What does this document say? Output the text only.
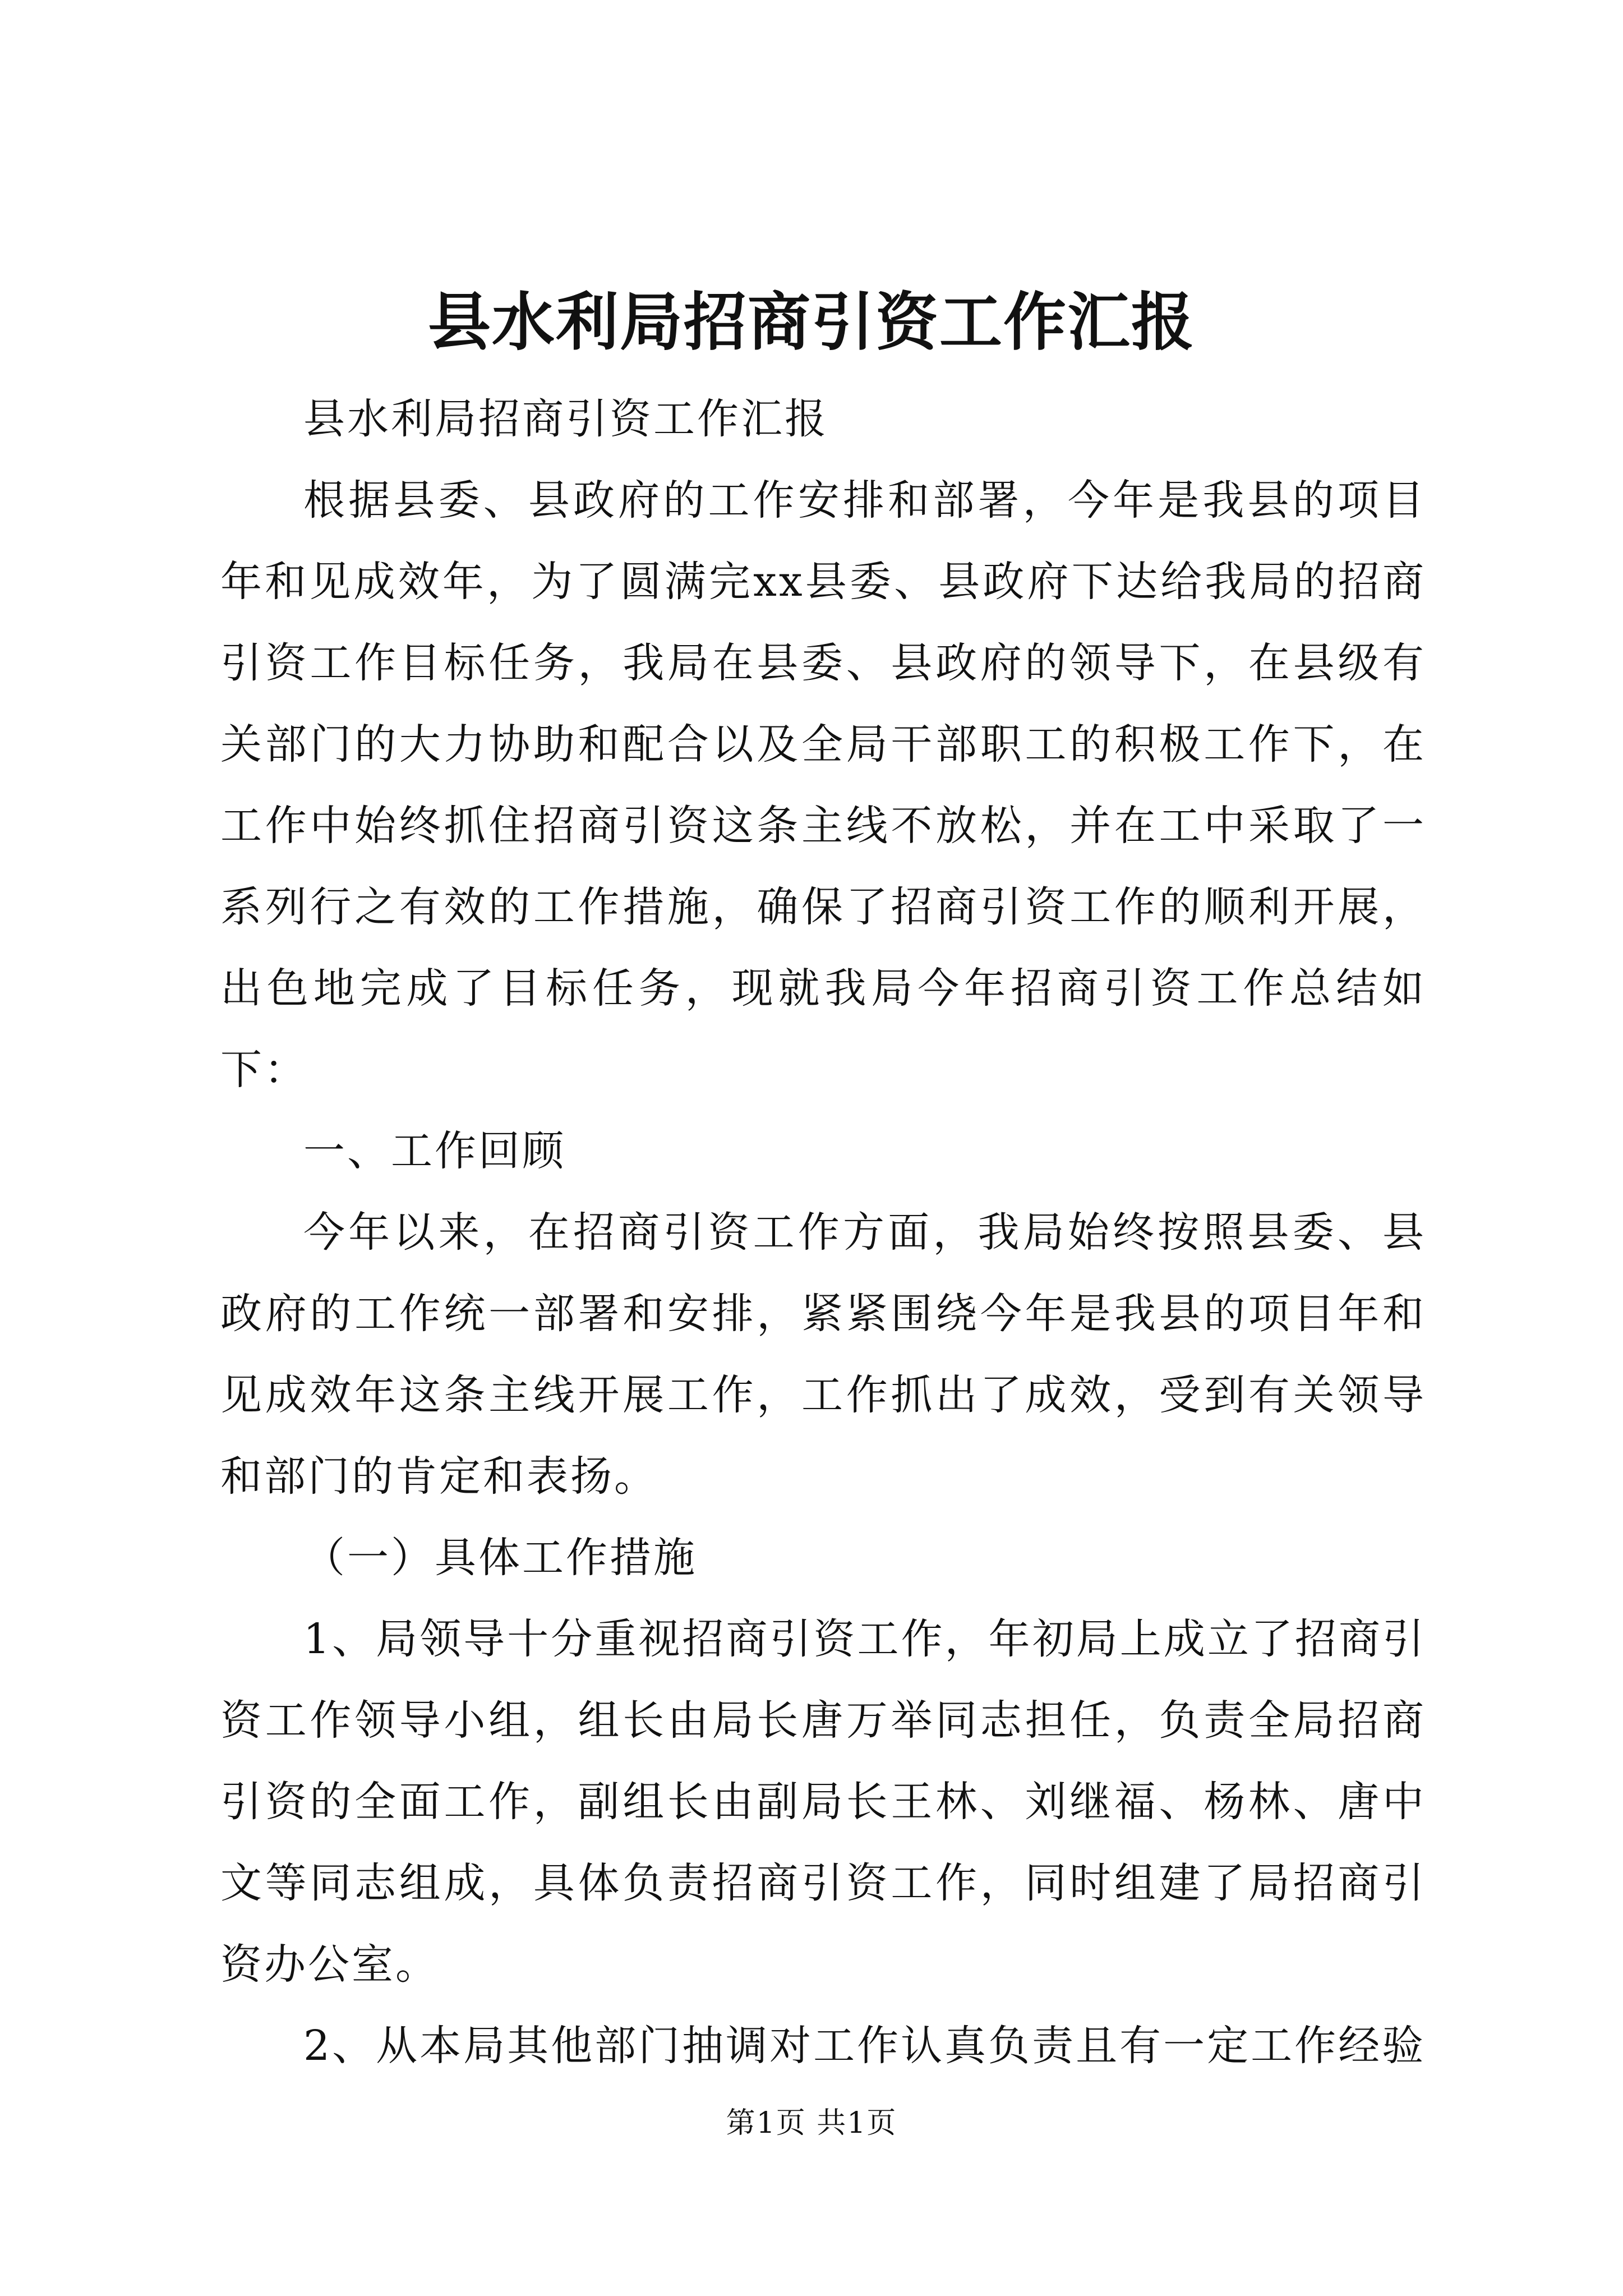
县水利局招商引资工作汇报

县水利局招商引资工作汇报

根据县委、县政府的工作安排和部署，今年是我县的项目年和见成效年，为了圆满完xx县委、县政府下达给我局的招商引资工作目标任务，我局在县委、县政府的领导下，在县级有关部门的大力协助和配合以及全局干部职工的积极工作下，在工作中始终抓住招商引资这条主线不放松，并在工中采取了一系列行之有效的工作措施，确保了招商引资工作的顺利开展，出色地完成了目标任务，现就我局今年招商引资工作总结如下：

一、工作回顾

今年以来，在招商引资工作方面，我局始终按照县委、县政府的工作统一部署和安排，紧紧围绕今年是我县的项目年和见成效年这条主线开展工作，工作抓出了成效，受到有关领导和部门的肯定和表扬。

（一）具体工作措施

1、局领导十分重视招商引资工作，年初局上成立了招商引资工作领导小组，组长由局长唐万举同志担任，负责全局招商引资的全面工作，副组长由副局长王林、刘继福、杨林、唐中文等同志组成，具体负责招商引资工作，同时组建了局招商引资办公室。

2、从本局其他部门抽调对工作认真负责且有一定工作经验

第1页 共1页
